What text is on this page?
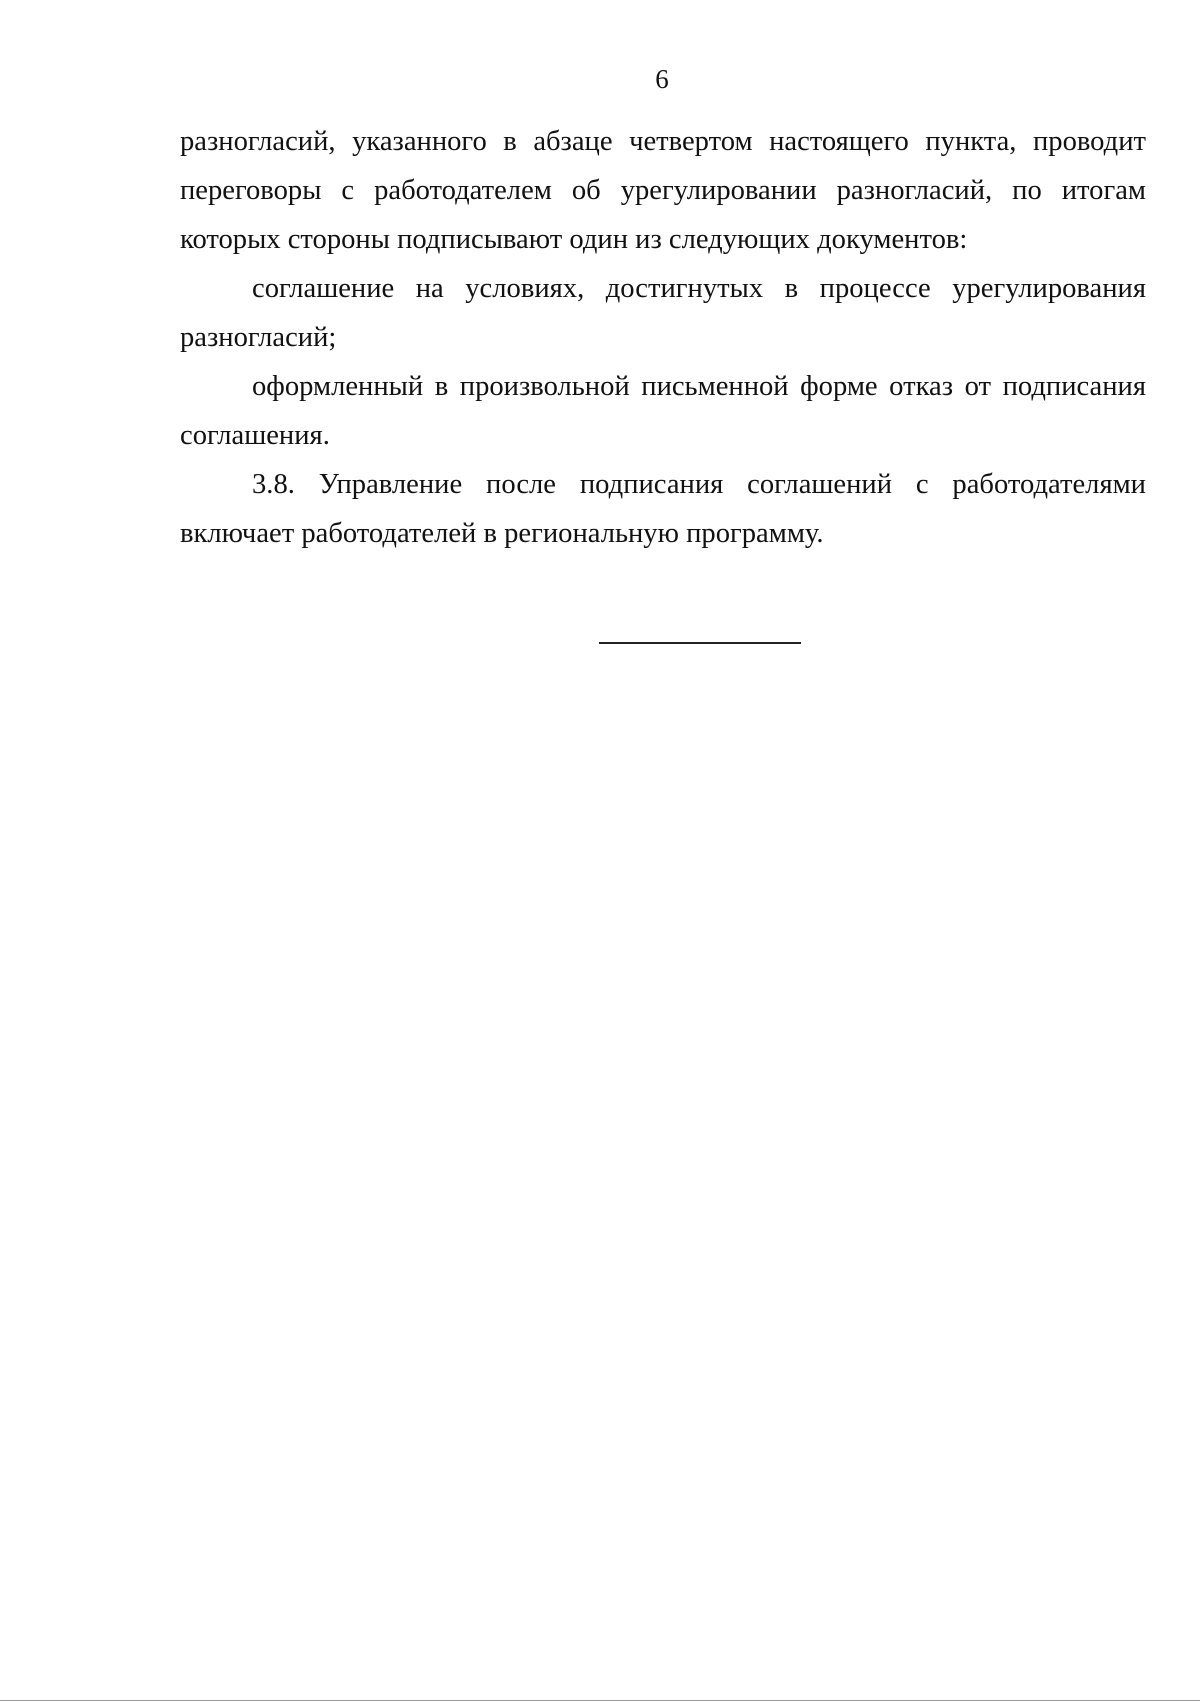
6

разногласий, указанного в абзаце четвертом настоящего пункта, проводит переговоры с работодателем об урегулировании разногласий, по итогам которых стороны подписывают один из следующих документов:

соглашение на условиях, достигнутых в процессе урегулирования разногласий;

оформленный в произвольной письменной форме отказ от подписания соглашения.

3.8. Управление после подписания соглашений с работодателями включает работодателей в региональную программу.
